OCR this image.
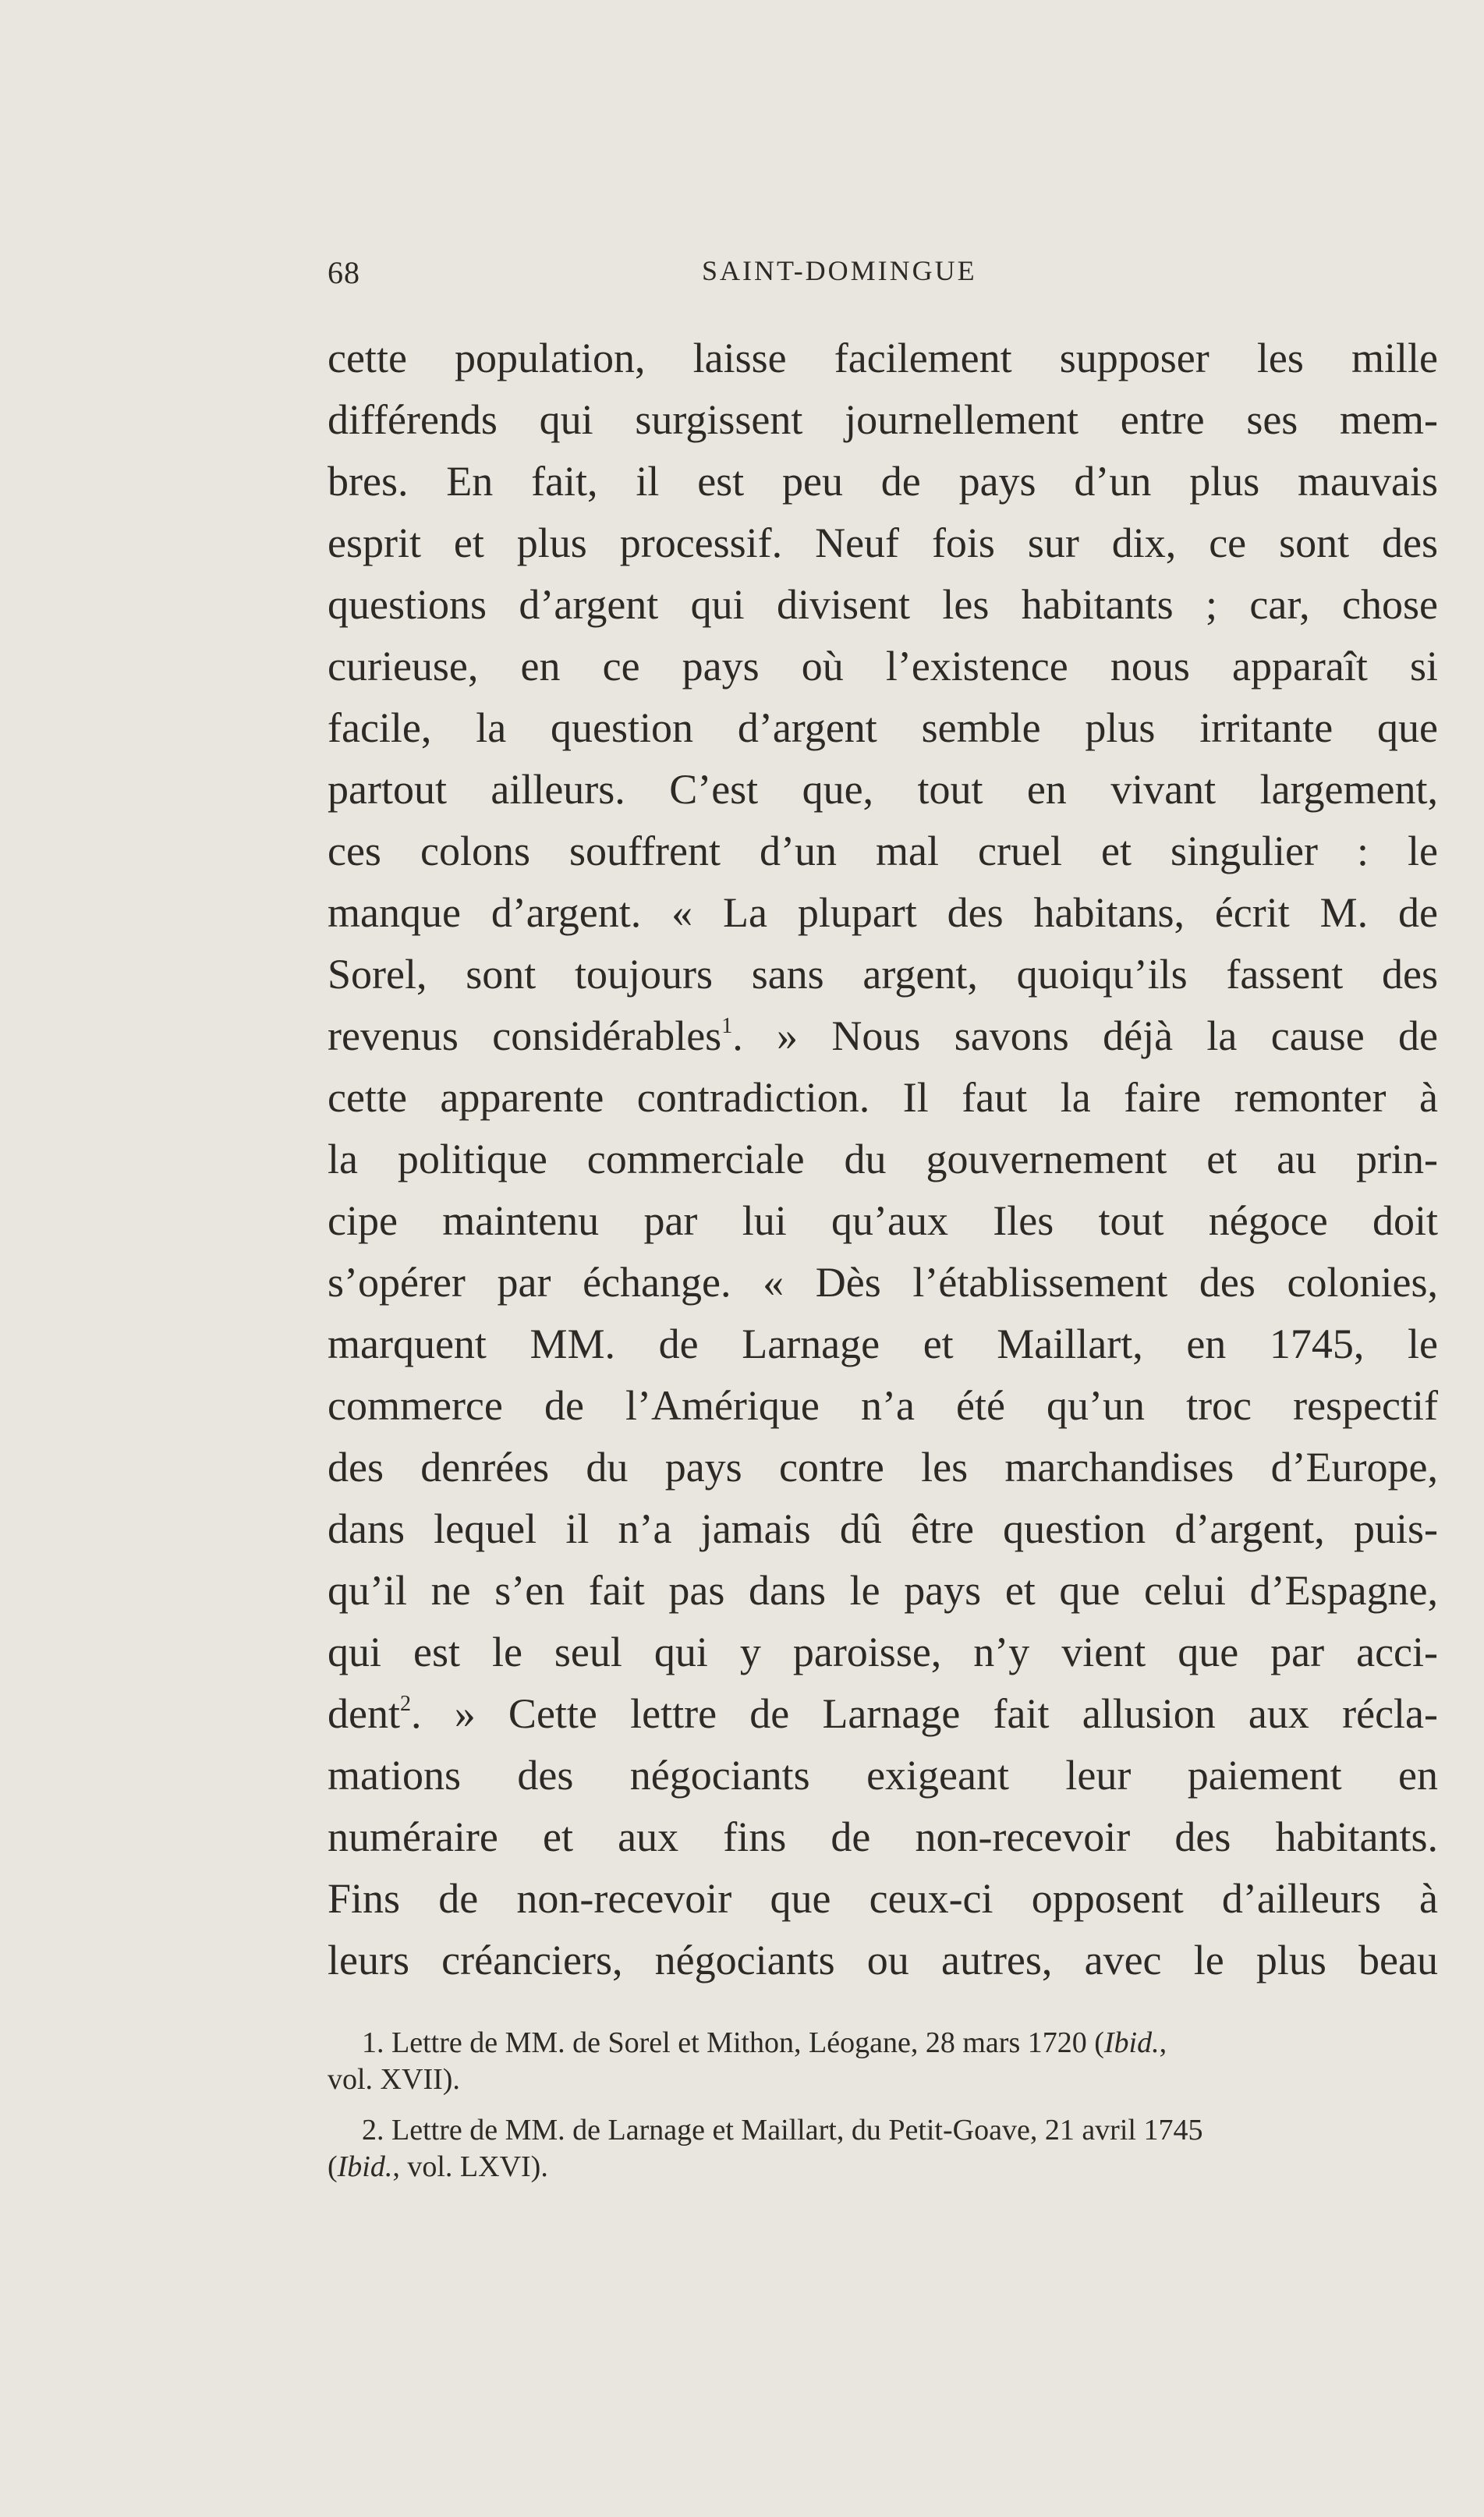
68	SAINT-DOMINGUE
cette population, laisse facilement supposer les mille
différends qui surgissent journellement entre ses mem-
bres. En fait, il est peu de pays d’un plus mauvais
esprit et plus processif. Neuf fois sur dix, ce sont des
questions d’argent qui divisent les habitants ; car, chose
curieuse, en ce pays où l’existence nous apparaît si
facile, la question d’argent semble plus irritante que
partout ailleurs. C’est que, tout en vivant largement,
ces colons souffrent d’un mal cruel et singulier : le
manque d’argent. « La plupart des habitans, écrit M. de
Sorel, sont toujours sans argent, quoiqu’ils fassent des
revenus considérables$^1$. » Nous savons déjà la cause de
cette apparente contradiction. Il faut la faire remonter à
la politique commerciale du gouvernement et au prin-
cipe maintenu par lui qu’aux Iles tout négoce doit
s’opérer par échange. « Dès l’établissement des colonies,
marquent MM. de Larnage et Maillart, en 1745, le
commerce de l’Amérique n’a été qu’un troc respectif
des denrées du pays contre les marchandises d’Europe,
dans lequel il n’a jamais dû être question d’argent, puis-
qu’il ne s’en fait pas dans le pays et que celui d’Espagne,
qui est le seul qui y paroisse, n’y vient que par acci-
dent$^2$. » Cette lettre de Larnage fait allusion aux récla-
mations des négociants exigeant leur paiement en
numéraire et aux fins de non-recevoir des habitants.
Fins de non-recevoir que ceux-ci opposent d’ailleurs à
leurs créanciers, négociants ou autres, avec le plus beau
1. Lettre de MM. de Sorel et Mithon, Léogane, 28 mars 1720 (Ibid.,
vol. XVII).
2. Lettre de MM. de Larnage et Maillart, du Petit-Goave, 21 avril 1745
(Ibid., vol. LXVI).
